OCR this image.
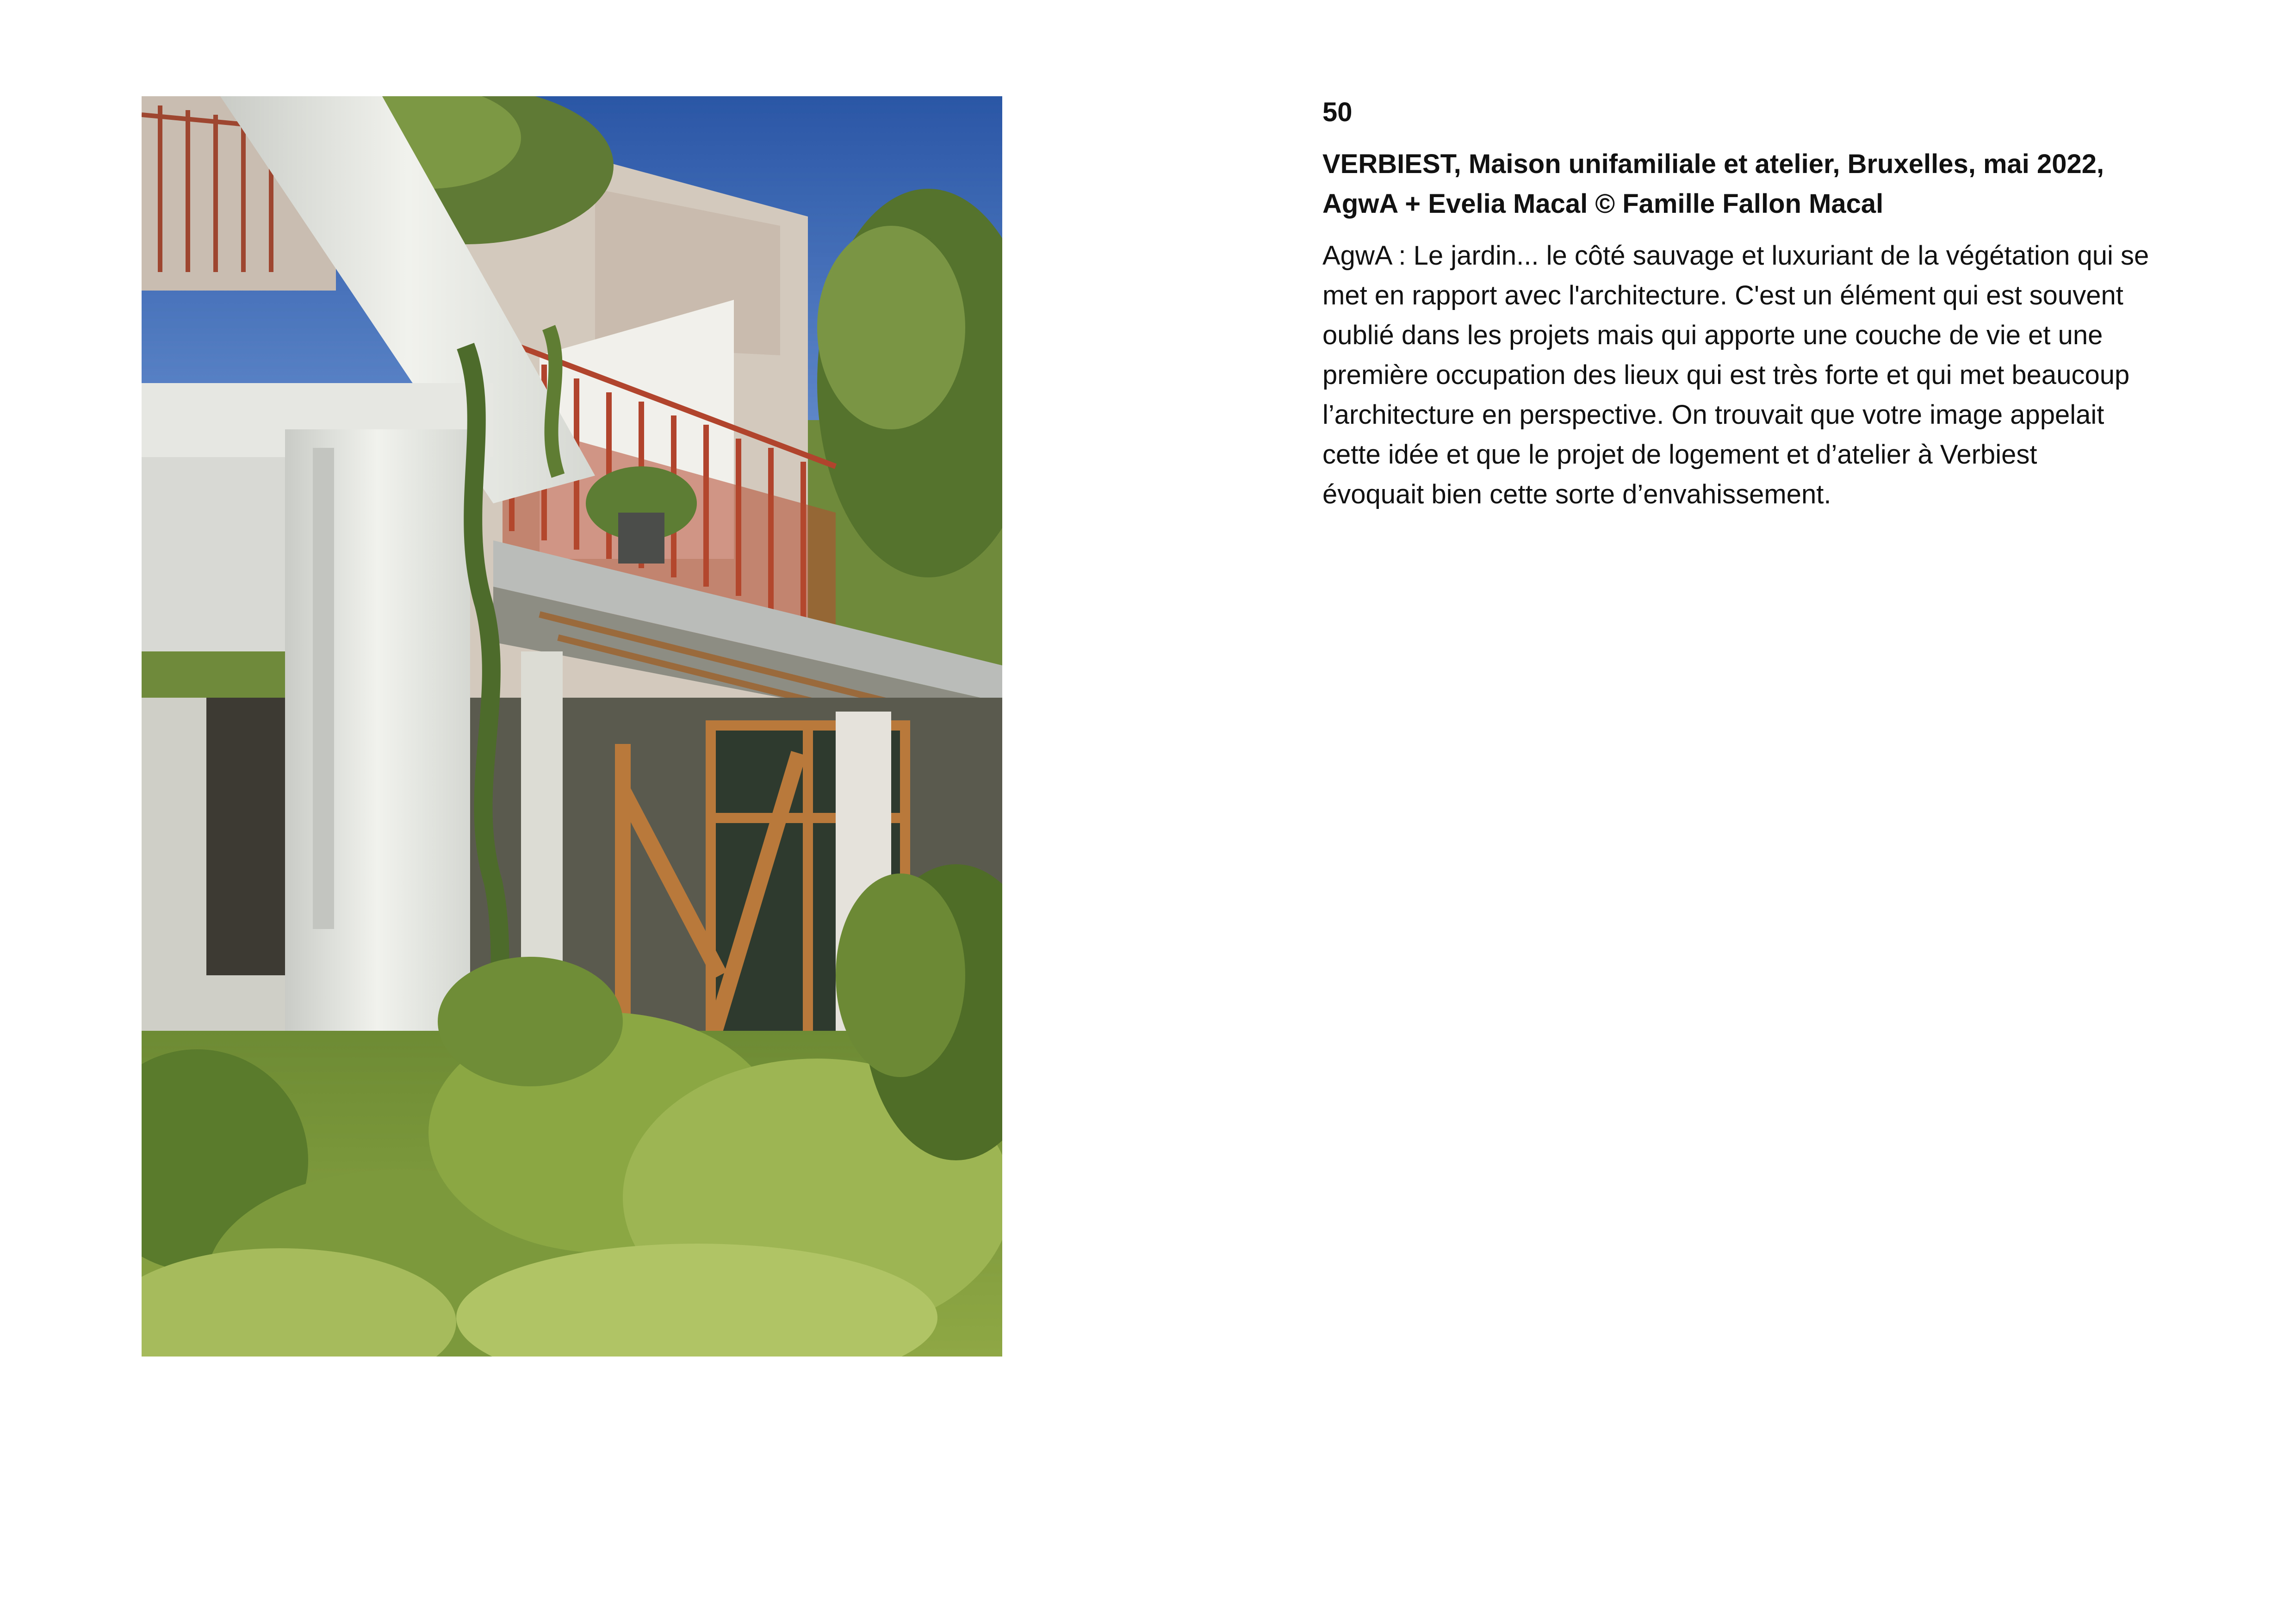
50
VERBIEST, Maison unifamiliale et atelier, Bruxelles, mai 2022,
AgwA + Evelia Macal © Famille Fallon Macal
AgwA : Le jardin... le côté sauvage et luxuriant de la végétation qui se
met en rapport avec l'architecture. C'est un élément qui est souvent
oublié dans les projets mais qui apporte une couche de vie et une
première occupation des lieux qui est très forte et qui met beaucoup
l’architecture en perspective. On trouvait que votre image appelait
cette idée et que le projet de logement et d’atelier à Verbiest
évoquait bien cette sorte d’envahissement.
